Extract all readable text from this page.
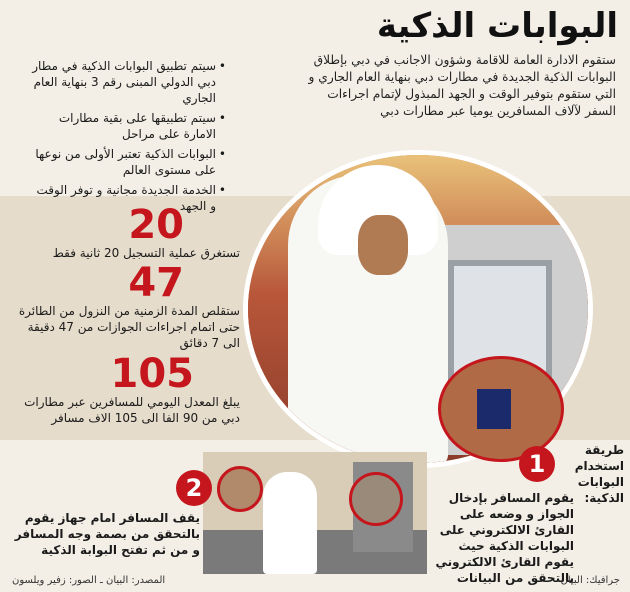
البوابات الذكية
ستقوم الادارة العامة للاقامة وشؤون الاجانب في دبي بإطلاق البوابات الذكية الجديدة في مطارات دبي بنهاية العام الجاري و التي ستقوم بتوفير الوقت و الجهد المبذول لإتمام اجراءات السفر لآلاف المسافرين يوميا عبر مطارات دبي
• سيتم تطبيق البوابات الذكية في مطار دبي الدولي المبنى رقم 3 بنهاية العام الجاري
• سيتم تطبيقها على بقية مطارات الامارة على مراحل
• البوابات الذكية تعتبر الأولى من نوعها على مستوى العالم
• الخدمة الجديدة مجانية و توفر الوقت و الجهد
20
تستغرق عملية التسجيل 20 ثانية فقط
47
ستقلص المدة الزمنية من النزول من الطائرة حتى اتمام اجراءات الجوازات من 47 دقيقة الى 7 دقائق
105
يبلغ المعدل اليومي للمسافرين عبر مطارات دبي من 90 الفا الى 105 الاف مسافر
1	طريقة استخدام البوابات الذكية:
يقوم المسافر بإدخال الجواز و وضعه على القارئ الالكتروني على البوابات الذكية حيث يقوم القارئ الالكتروني بالتحقق من البيانات
2
يقف المسافر امام جهاز يقوم بالتحقق من بصمة وجه المسافر و من ثم تفتح البوابة الذكية
المصدر: البيان ـ الصور: زفير ويلسون	جرافيك: البيان
